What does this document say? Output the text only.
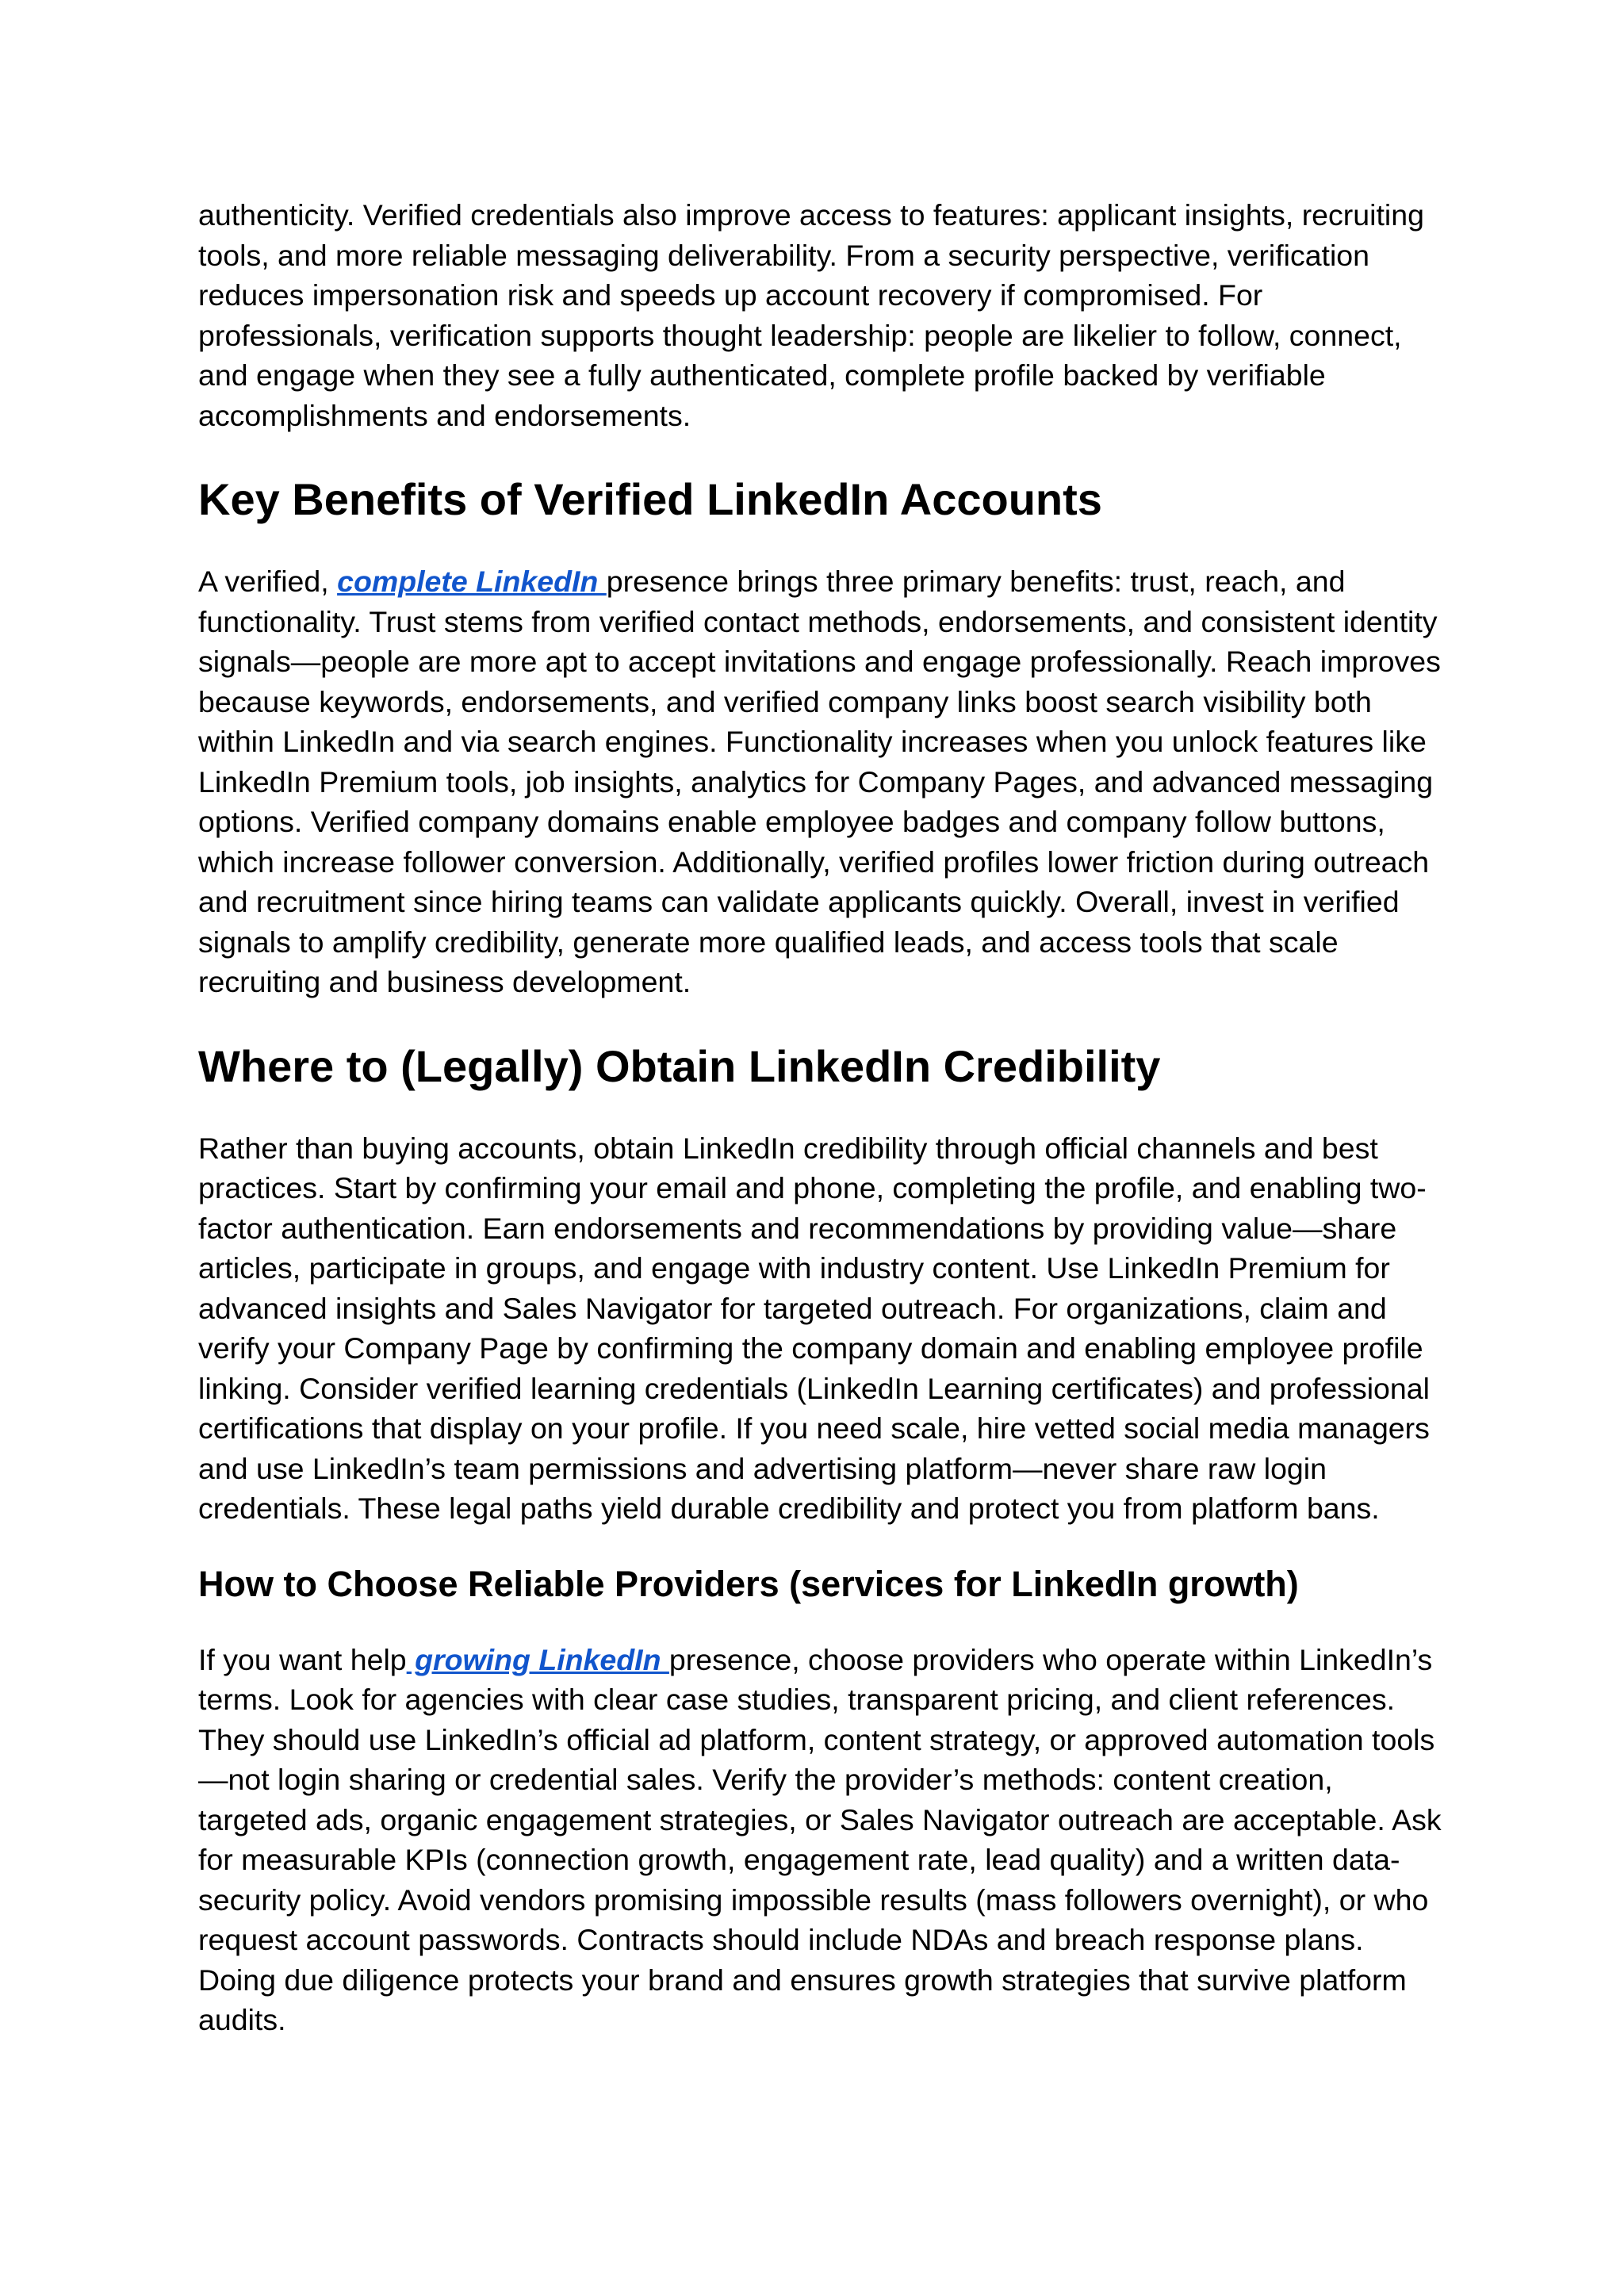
authenticity. Verified credentials also improve access to features: applicant insights, recruiting tools, and more reliable messaging deliverability. From a security perspective, verification reduces impersonation risk and speeds up account recovery if compromised. For professionals, verification supports thought leadership: people are likelier to follow, connect, and engage when they see a fully authenticated, complete profile backed by verifiable accomplishments and endorsements.

Key Benefits of Verified LinkedIn Accounts

A verified, complete LinkedIn presence brings three primary benefits: trust, reach, and functionality. Trust stems from verified contact methods, endorsements, and consistent identity signals—people are more apt to accept invitations and engage professionally. Reach improves because keywords, endorsements, and verified company links boost search visibility both within LinkedIn and via search engines. Functionality increases when you unlock features like LinkedIn Premium tools, job insights, analytics for Company Pages, and advanced messaging options. Verified company domains enable employee badges and company follow buttons, which increase follower conversion. Additionally, verified profiles lower friction during outreach and recruitment since hiring teams can validate applicants quickly. Overall, invest in verified signals to amplify credibility, generate more qualified leads, and access tools that scale recruiting and business development.

Where to (Legally) Obtain LinkedIn Credibility

Rather than buying accounts, obtain LinkedIn credibility through official channels and best practices. Start by confirming your email and phone, completing the profile, and enabling two-factor authentication. Earn endorsements and recommendations by providing value—share articles, participate in groups, and engage with industry content. Use LinkedIn Premium for advanced insights and Sales Navigator for targeted outreach. For organizations, claim and verify your Company Page by confirming the company domain and enabling employee profile linking. Consider verified learning credentials (LinkedIn Learning certificates) and professional certifications that display on your profile. If you need scale, hire vetted social media managers and use LinkedIn’s team permissions and advertising platform—never share raw login credentials. These legal paths yield durable credibility and protect you from platform bans.

How to Choose Reliable Providers (services for LinkedIn growth)

If you want help growing LinkedIn presence, choose providers who operate within LinkedIn’s terms. Look for agencies with clear case studies, transparent pricing, and client references. They should use LinkedIn’s official ad platform, content strategy, or approved automation tools—not login sharing or credential sales. Verify the provider’s methods: content creation, targeted ads, organic engagement strategies, or Sales Navigator outreach are acceptable. Ask for measurable KPIs (connection growth, engagement rate, lead quality) and a written data-security policy. Avoid vendors promising impossible results (mass followers overnight), or who request account passwords. Contracts should include NDAs and breach response plans. Doing due diligence protects your brand and ensures growth strategies that survive platform audits.
